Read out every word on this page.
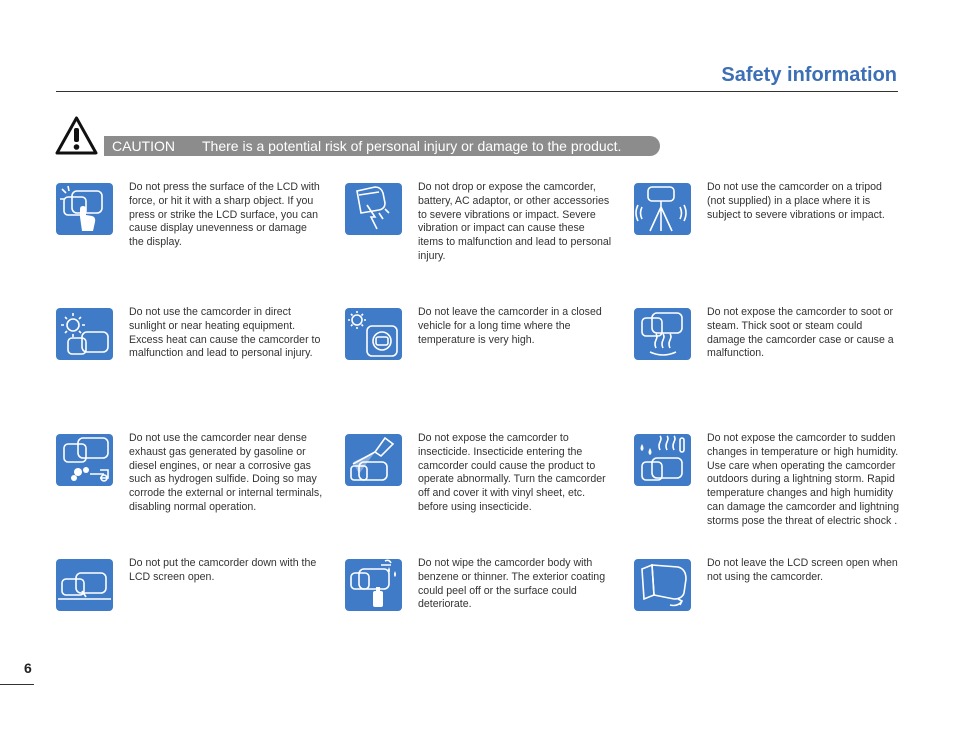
Safety information
CAUTION There is a potential risk of personal injury or damage to the product.
Do not press the surface of the LCD with force, or hit it with a sharp object. If you press or strike the LCD surface, you can cause display unevenness or damage the display.
Do not drop or expose the camcorder, battery, AC adaptor, or other accessories to severe vibrations or impact. Severe vibration or impact can cause these items to malfunction and lead to personal injury.
Do not use the camcorder on a tripod (not supplied) in a place where it is subject to severe vibrations or impact.
Do not use the camcorder in direct sunlight or near heating equipment. Excess heat can cause the camcorder to malfunction and lead to personal injury.
Do not leave the camcorder in a closed vehicle for a long time where the temperature is very high.
Do not expose the camcorder to soot or steam. Thick soot or steam could damage the camcorder case or cause a malfunction.
Do not use the camcorder near dense exhaust gas generated by gasoline or diesel engines, or near a corrosive gas such as hydrogen sulfide. Doing so may corrode the external or internal terminals, disabling normal operation.
Do not expose the camcorder to insecticide. Insecticide entering the camcorder could cause the product to operate abnormally. Turn the camcorder off and cover it with vinyl sheet, etc. before using insecticide.
Do not expose the camcorder to sudden changes in temperature or high humidity. Use care when operating the camcorder outdoors during a lightning storm. Rapid temperature changes and high humidity can damage the camcorder and lightning storms pose the threat of electric shock .
Do not put the camcorder down with the LCD screen open.
Do not wipe the camcorder body with benzene or thinner. The exterior coating could peel off or the surface could deteriorate.
Do not leave the LCD screen open when not using the camcorder.
6
